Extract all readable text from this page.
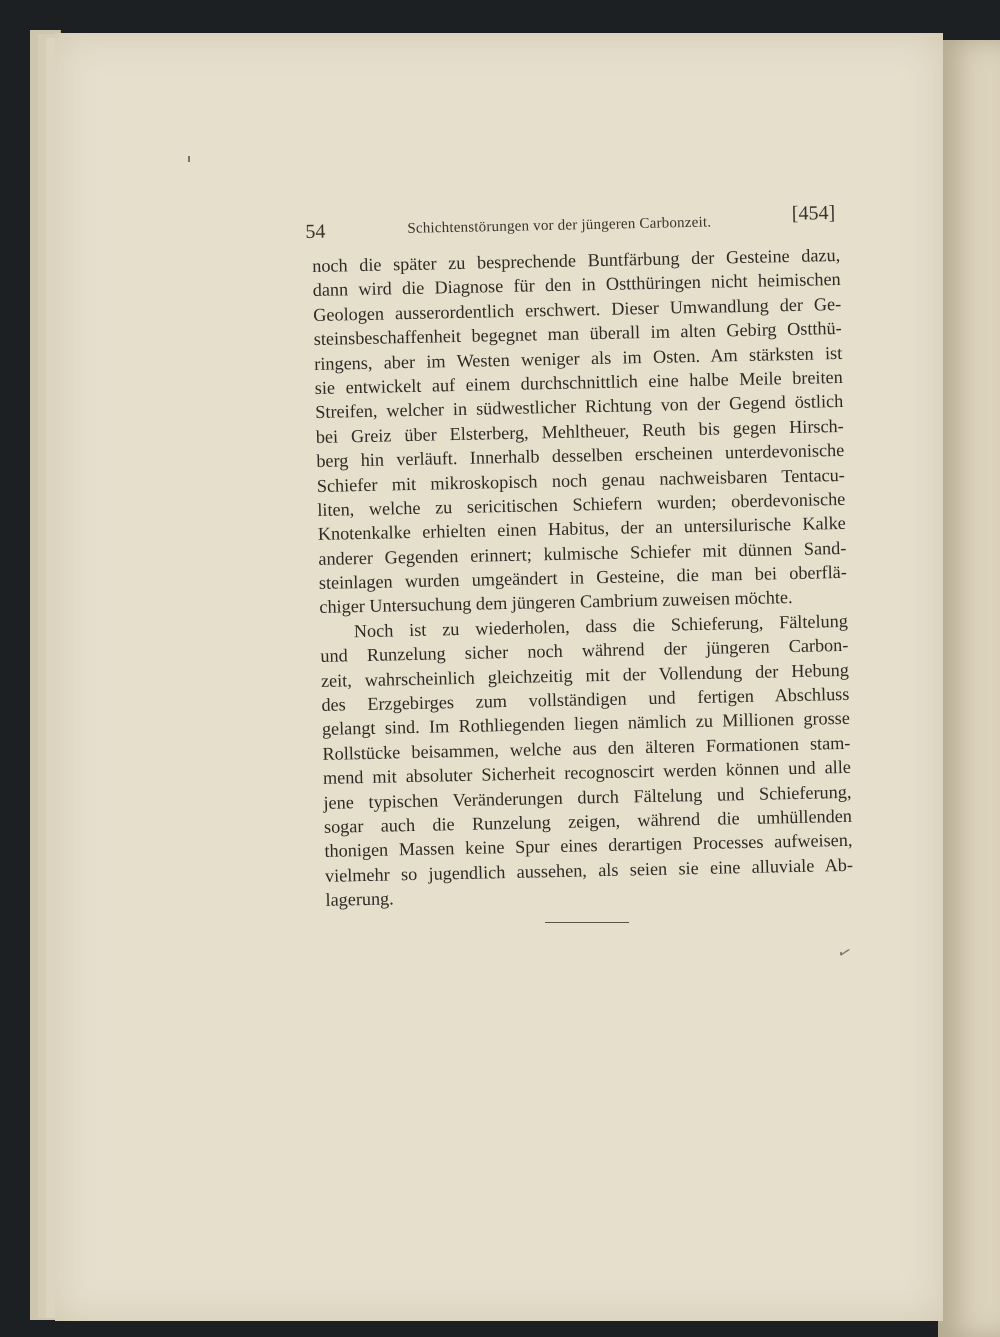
54	Schichtenstörungen vor der jüngeren Carbonzeit.
[454]
noch die später zu besprechende Buntfärbung der Gesteine dazu,
dann wird die Diagnose für den in Ostthüringen nicht heimischen
Geologen ausserordentlich erschwert. Dieser Umwandlung der Ge-
steinsbeschaffenheit begegnet man überall im alten Gebirg Ostthü-
ringens, aber im Westen weniger als im Osten. Am stärksten ist
sie entwickelt auf einem durchschnittlich eine halbe Meile breiten
Streifen, welcher in südwestlicher Richtung von der Gegend östlich
bei Greiz über Elsterberg, Mehltheuer, Reuth bis gegen Hirsch-
berg hin verläuft. Innerhalb desselben erscheinen unterdevonische
Schiefer mit mikroskopisch noch genau nachweisbaren Tentacu-
liten, welche zu sericitischen Schiefern wurden; oberdevonische
Knotenkalke erhielten einen Habitus, der an untersilurische Kalke
anderer Gegenden erinnert; kulmische Schiefer mit dünnen Sand-
steinlagen wurden umgeändert in Gesteine, die man bei oberflä-
chiger Untersuchung dem jüngeren Cambrium zuweisen möchte.
Noch ist zu wiederholen, dass die Schieferung, Fältelung
und Runzelung sicher noch während der jüngeren Carbon-
zeit, wahrscheinlich gleichzeitig mit der Vollendung der Hebung
des Erzgebirges zum vollständigen und fertigen Abschluss
gelangt sind. Im Rothliegenden liegen nämlich zu Millionen grosse
Rollstücke beisammen, welche aus den älteren Formationen stam-
mend mit absoluter Sicherheit recognoscirt werden können und alle
jene typischen Veränderungen durch Fältelung und Schieferung,
sogar auch die Runzelung zeigen, während die umhüllenden
thonigen Massen keine Spur eines derartigen Processes aufweisen,
vielmehr so jugendlich aussehen, als seien sie eine alluviale Ab-
lagerung.
✓
